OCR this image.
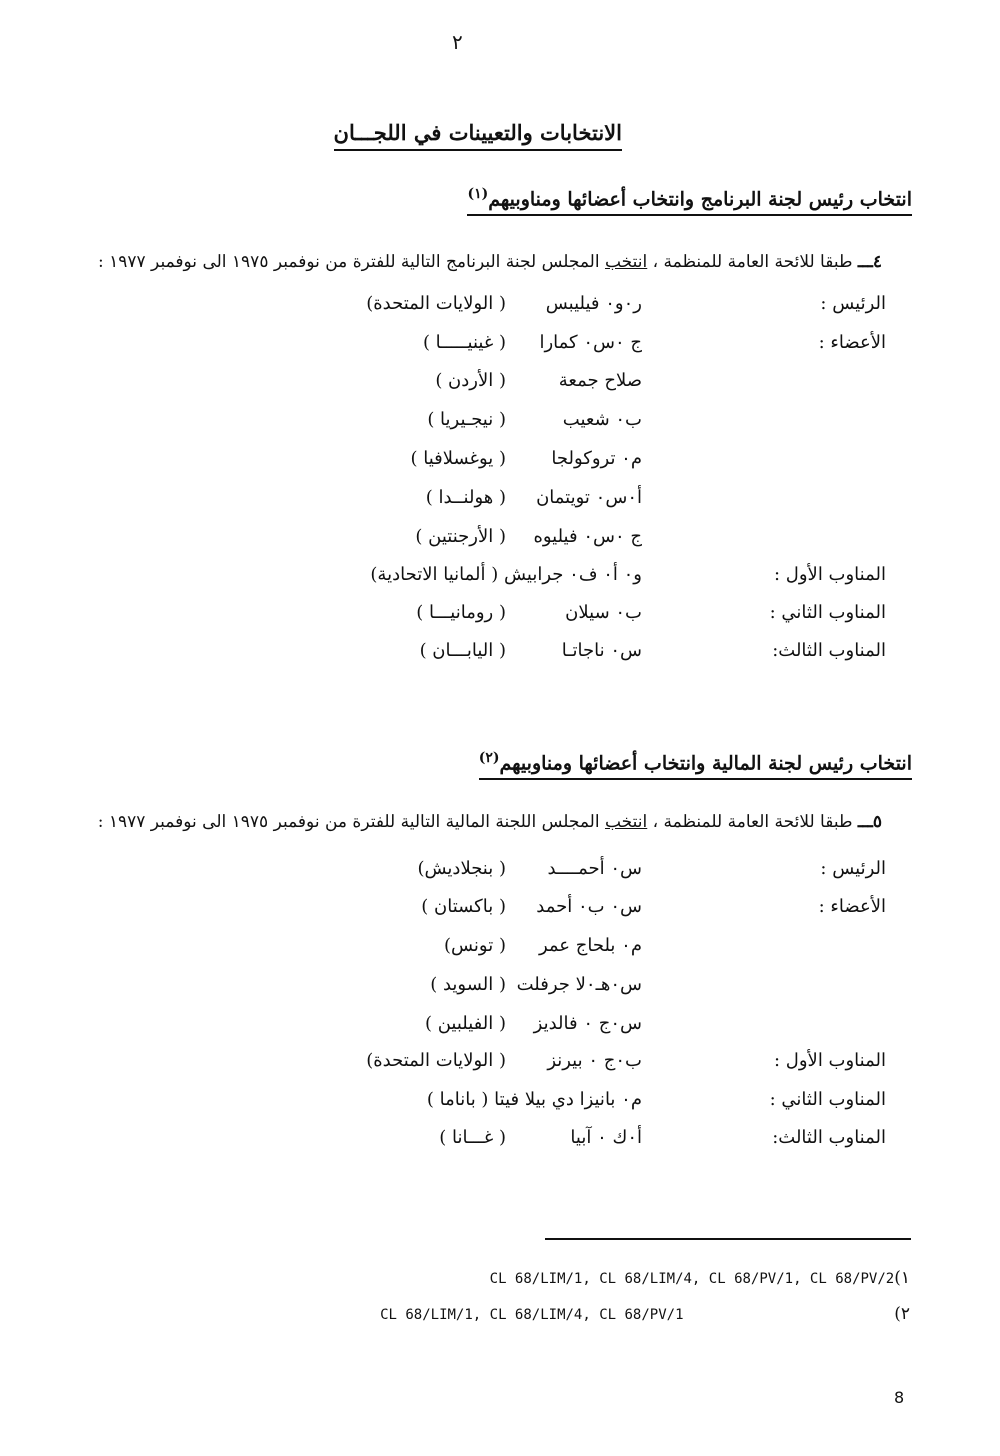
٢
الانتخابات والتعيينات في اللجـــان
انتخاب رئيس لجنة البرنامج وانتخاب أعضائها ومناوبيهم$^{(١)}$
٤ـــ طبقا للائحة العامة للمنظمة ، انتخب المجلس لجنة البرنامج التالية للفترة من نوفمبر ١٩٧٥ الى نوفمبر ١٩٧٧ :
الرئيس :
ر٠و٠ فيليبس
( الولايات المتحدة)
الأعضاء :
ج ٠س٠ كمارا
( غينيـــــا )
صلاح جمعة
( الأردن )
ب٠ شعيب
( نيجـيريا )
م٠ تروكولجا
( يوغسلافيا )
أ٠س٠ تويتمان
( هولنــدا )
ج ٠س٠ فيليوه
( الأرجنتين )
المناوب الأول :
و٠ أ٠ ف٠ جرابيش ( ألمانيا الاتحادية)
المناوب الثاني :
ب٠ سيلان
( رومانيـــا )
المناوب الثالث:
س٠ ناجاتـا
( اليابـــان )
انتخاب رئيس لجنة المالية وانتخاب أعضائها ومناوبيهم$^{(٢)}$
٥ـــ طبقا للائحة العامة للمنظمة ، انتخب المجلس اللجنة المالية التالية للفترة من نوفمبر ١٩٧٥ الى نوفمبر ١٩٧٧ :
الرئيس :
س٠ أحمــــد
( بنجلاديش)
الأعضاء :
س٠ ب٠ أحمد
( باكستان )
م٠ بلحاج عمر
( تونس)
س٠هـ٠لا جرفلت
( السويد )
س٠ج ٠ فالديز
( الفيلبين )
المناوب الأول :
ب٠ج ٠ بيرنز
( الولايات المتحدة)
المناوب الثاني :
م٠ بانيزا دي بيلا فيتا ( باناما )
المناوب الثالث:
أ٠ك ٠ آبيا
( غـــانا )
CL 68/LIM/1, CL 68/LIM/4, CL 68/PV/1, CL 68/PV/2(١
CL 68/LIM/1, CL 68/LIM/4, CL 68/PV/1	(٢
8
